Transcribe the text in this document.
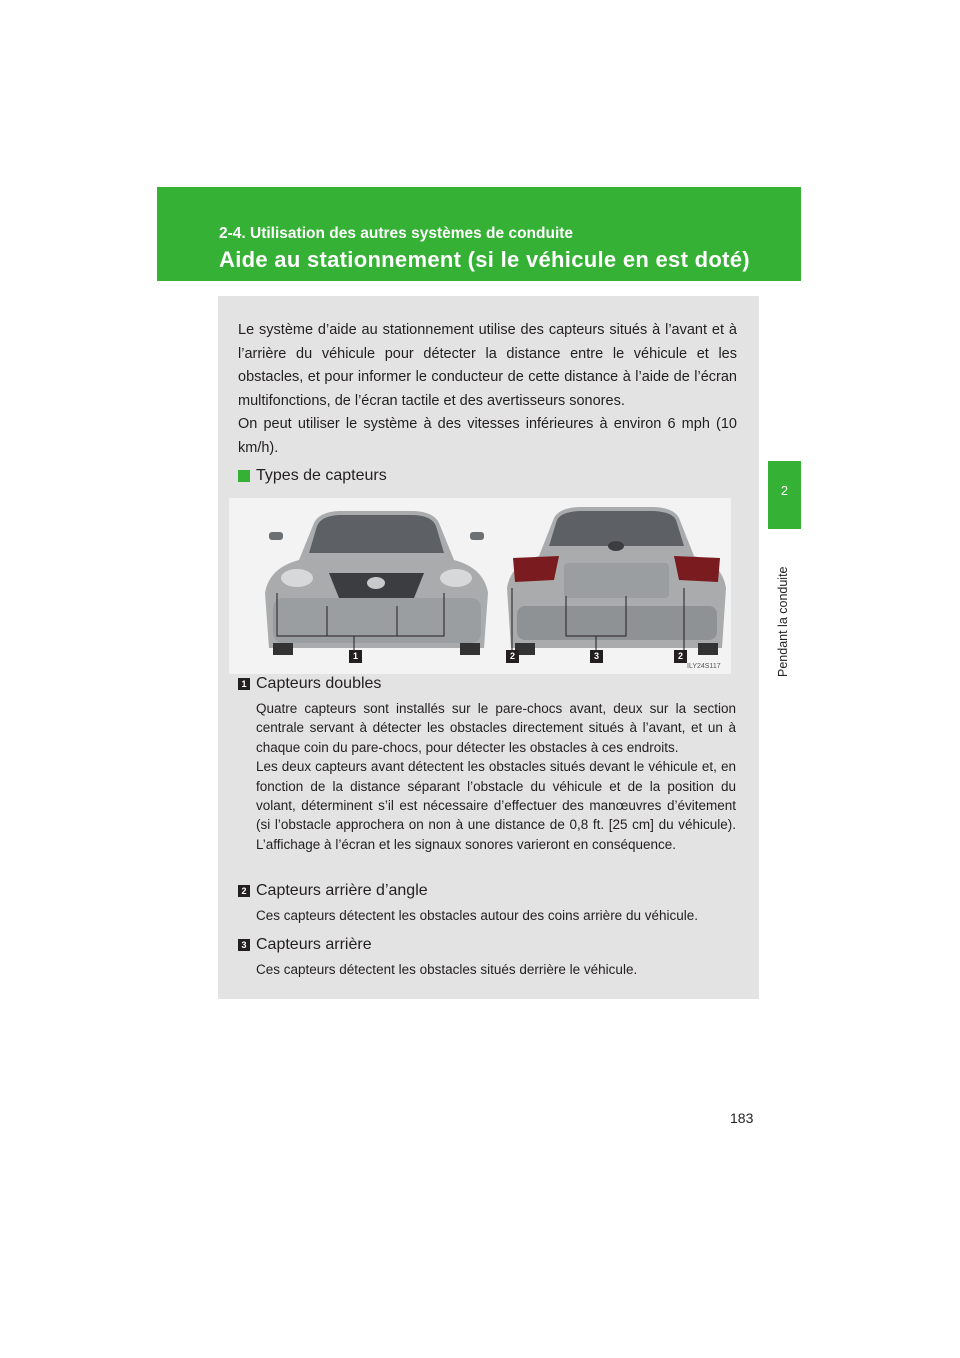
2-4. Utilisation des autres systèmes de conduite
Aide au stationnement (si le véhicule en est doté)
2
Pendant la conduite
Le système d’aide au stationnement utilise des capteurs situés à l’avant et à l’arrière du véhicule pour détecter la distance entre le véhicule et les obstacles, et pour informer le conducteur de cette distance à l’aide de l’écran multifonctions, de l’écran tactile et des avertisseurs sonores.
On peut utiliser le système à des vitesses inférieures à environ 6 mph (10 km/h).
Types de capteurs
1	2	3	2
ILY24S117
1 Capteurs doubles

Quatre capteurs sont installés sur le pare-chocs avant, deux sur la section centrale servant à détecter les obstacles directement situés à l’avant, et un à chaque coin du pare-chocs, pour détecter les obstacles à ces endroits.
Les deux capteurs avant détectent les obstacles situés devant le véhicule et, en fonction de la distance séparant l’obstacle du véhicule et de la position du volant, déterminent s’il est nécessaire d’effectuer des manœuvres d’évitement (si l’obstacle approchera on non à une distance de 0,8 ft. [25 cm] du véhicule). L’affichage à l’écran et les signaux sonores varieront en conséquence.

2 Capteurs arrière d’angle

Ces capteurs détectent les obstacles autour des coins arrière du véhicule.

3 Capteurs arrière

Ces capteurs détectent les obstacles situés derrière le véhicule.

183
